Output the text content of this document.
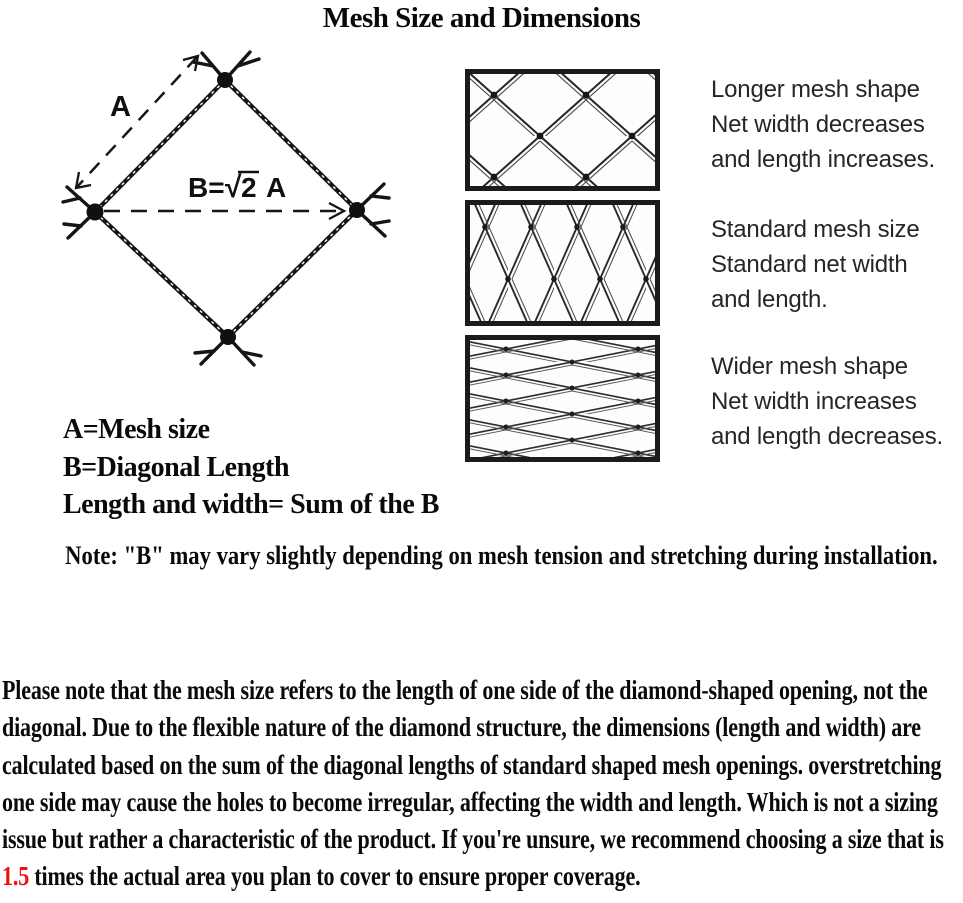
Mesh Size and Dimensions
A
B= √ 2 A
A=Mesh size
B=Diagonal Length
Length and width= Sum of the B
Longer mesh shape
Net width decreases
and length increases.
Standard mesh size
Standard net width
and length.
Wider mesh shape
Net width increases
and length decreases.
Note: "B" may vary slightly depending on mesh tension and stretching during installation.

Please note that the mesh size refers to the length of one side of the diamond-shaped opening, not the diagonal. Due to the flexible nature of the diamond structure, the dimensions (length and width) are calculated based on the sum of the diagonal lengths of standard shaped mesh openings. overstretching one side may cause the holes to become irregular, affecting the width and length. Which is not a sizing issue but rather a characteristic of the product. If you're unsure, we recommend choosing a size that is 1.5 times the actual area you plan to cover to ensure proper coverage.
